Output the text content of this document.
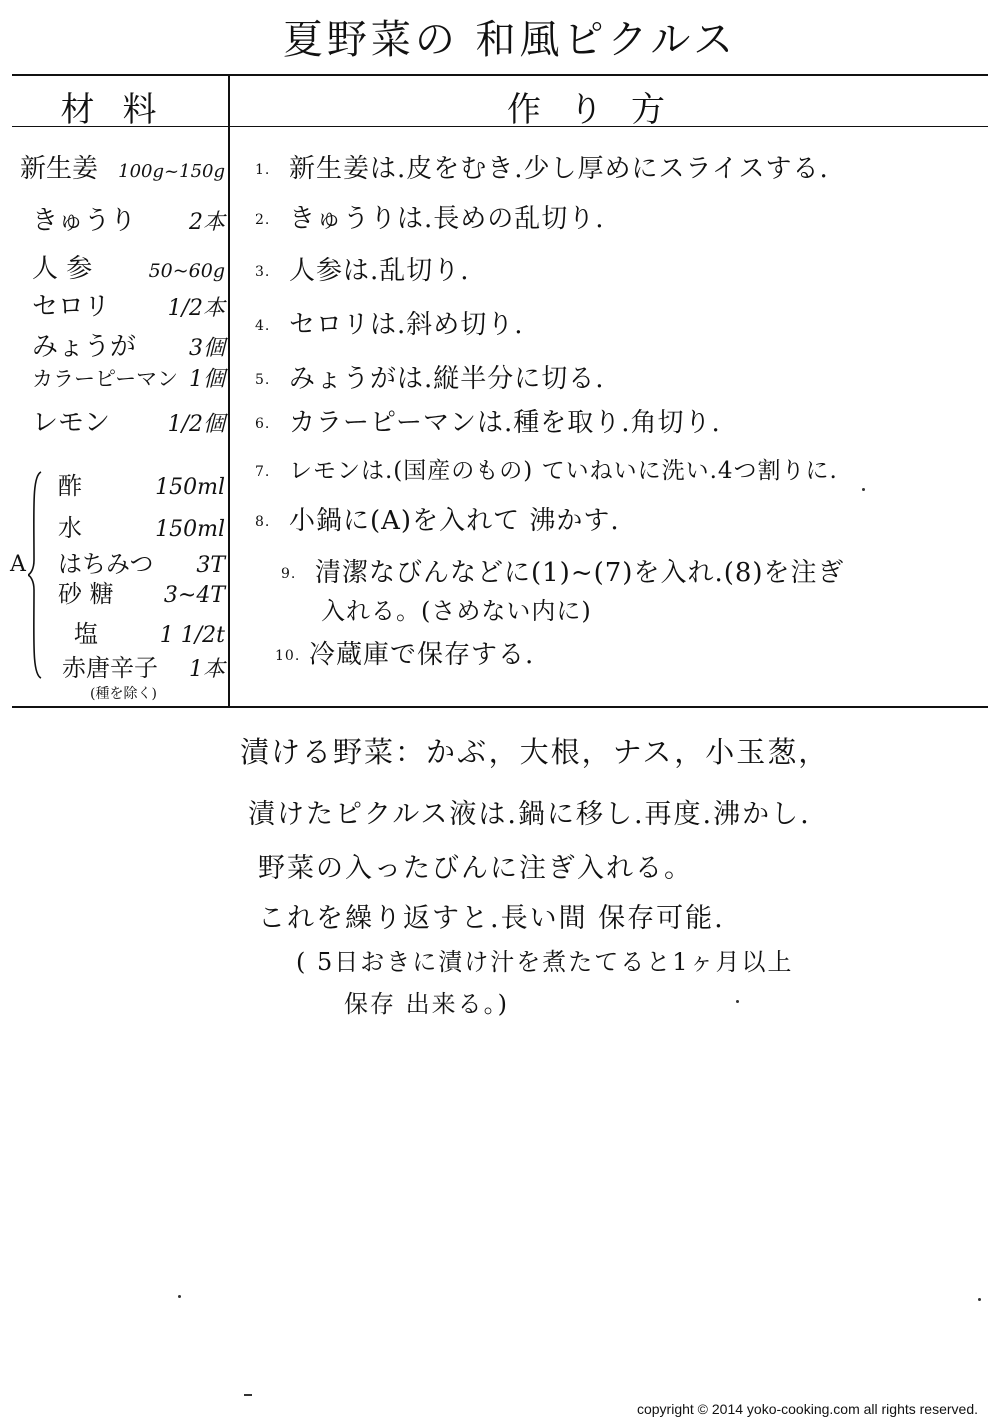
夏野菜の 和風ピクルス
材料	作り方
新生姜 100g~150g
きゅうり 2本
人 参	50~60g
セロリ	1/2本
みょうが 3個
カラーピーマン 1個
レモン	1/2個
酢	150ml
水	150ml
はちみつ 3T
砂 糖 3~4T
塩	1 1/2t
赤唐辛子 1本
A
(種を除く)
1. 新生姜は.皮をむき.少し厚めにスライスする.
2. きゅうりは.長めの乱切り.
3. 人参は.乱切り.
4. セロリは.斜め切り.
5. みょうがは.縦半分に切る.
6. カラーピーマンは.種を取り.角切り.
7. レモンは.(国産のもの) ていねいに洗い.4つ割りに.
8. 小鍋に(A)を入れて 沸かす.
9. 清潔なびんなどに(1)~(7)を入れ.(8)を注ぎ
入れる。(さめない内に)
10. 冷蔵庫で保存する.
漬ける野菜：かぶ，大根，ナス，小玉葱，
漬けたピクルス液は.鍋に移し.再度.沸かし.
野菜の入ったびんに注ぎ入れる。
これを繰り返すと.長い間 保存可能.
( 5日おきに漬け汁を煮たてると1ヶ月以上
保存 出来る。)
copyright © 2014 yoko-cooking.com all rights reserved.
